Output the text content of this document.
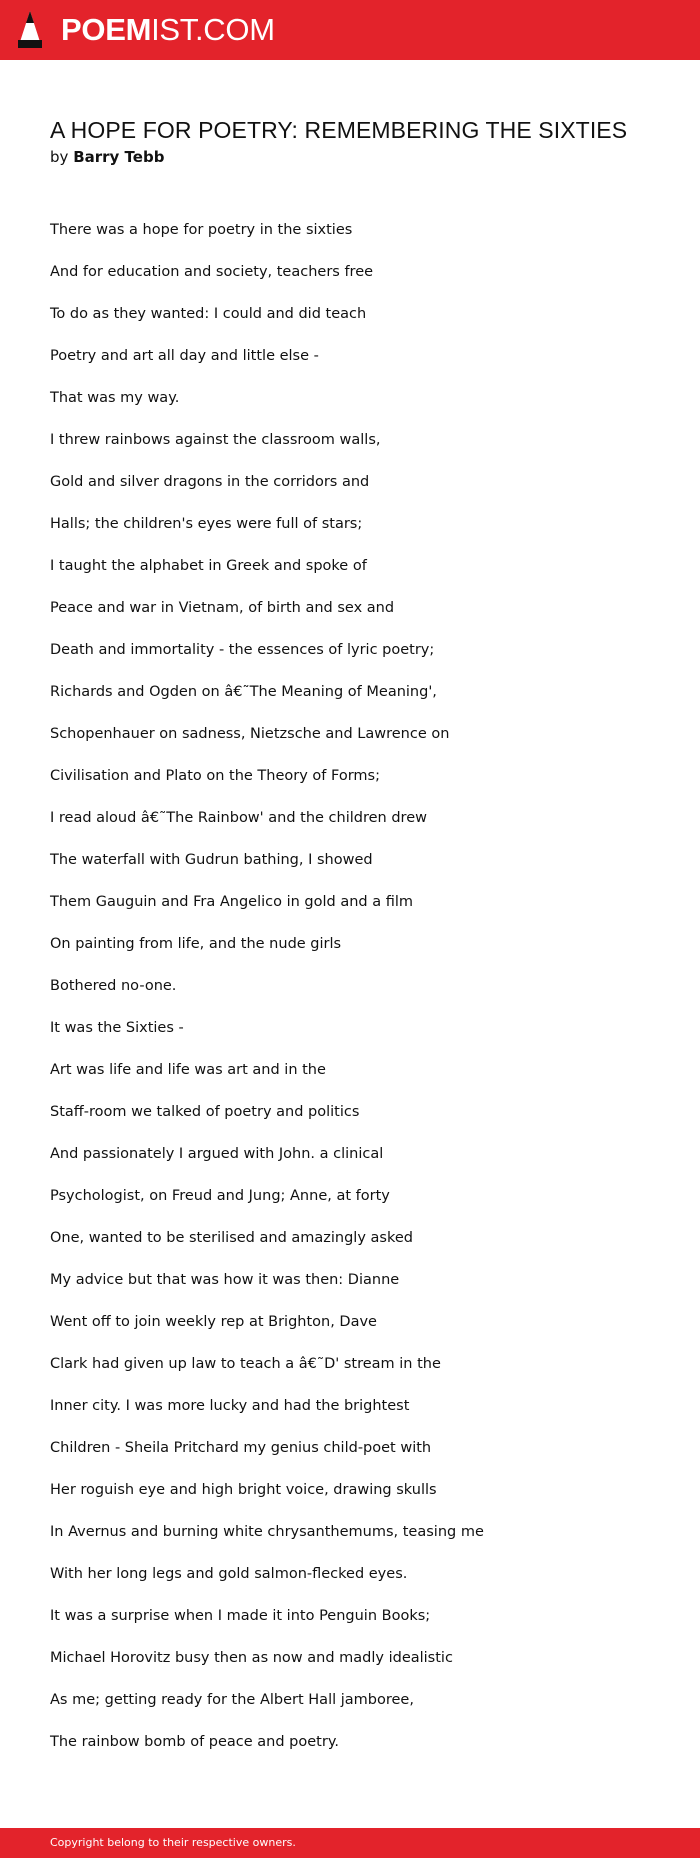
POEM IST.COM
A HOPE FOR POETRY: REMEMBERING THE SIXTIES
by Barry Tebb
There was a hope for poetry in the sixties
And for education and society, teachers free
To do as they wanted: I could and did teach
Poetry and art all day and little else -
That was my way.
I threw rainbows against the classroom walls,
Gold and silver dragons in the corridors and
Halls; the children's eyes were full of stars;
I taught the alphabet in Greek and spoke of
Peace and war in Vietnam, of birth and sex and
Death and immortality - the essences of lyric poetry;
Richards and Ogden on â€˜The Meaning of Meaning',
Schopenhauer on sadness, Nietzsche and Lawrence on
Civilisation and Plato on the Theory of Forms;
I read aloud â€˜The Rainbow' and the children drew
The waterfall with Gudrun bathing, I showed
Them Gauguin and Fra Angelico in gold and a film
On painting from life, and the nude girls
Bothered no-one.
It was the Sixties -
Art was life and life was art and in the
Staff-room we talked of poetry and politics
And passionately I argued with John. a clinical
Psychologist, on Freud and Jung; Anne, at forty
One, wanted to be sterilised and amazingly asked
My advice but that was how it was then: Dianne
Went off to join weekly rep at Brighton, Dave
Clark had given up law to teach a â€˜D' stream in the
Inner city. I was more lucky and had the brightest
Children - Sheila Pritchard my genius child-poet with
Her roguish eye and high bright voice, drawing skulls
In Avernus and burning white chrysanthemums, teasing me
With her long legs and gold salmon-flecked eyes.
It was a surprise when I made it into Penguin Books;
Michael Horovitz busy then as now and madly idealistic
As me; getting ready for the Albert Hall jamboree,
The rainbow bomb of peace and poetry.
Copyright belong to their respective owners.
